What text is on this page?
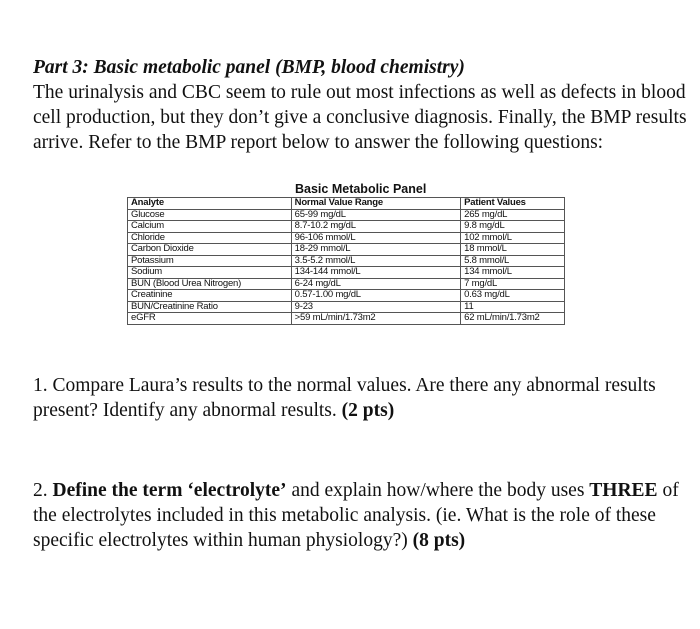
Part 3: Basic metabolic panel (BMP, blood chemistry)

The urinalysis and CBC seem to rule out most infections as well as defects in blood cell production, but they don’t give a conclusive diagnosis. Finally, the BMP results arrive. Refer to the BMP report below to answer the following questions:

Basic Metabolic Panel
Analyte	Normal Value Range	Patient Values
Glucose	65-99 mg/dL	265 mg/dL
Calcium	8.7-10.2 mg/dL	9.8 mg/dL
Chloride	96-106 mmol/L	102 mmol/L
Carbon Dioxide	18-29 mmol/L	18 mmol/L
Potassium	3.5-5.2 mmol/L	5.8 mmol/L
Sodium	134-144 mmol/L	134 mmol/L
BUN (Blood Urea Nitrogen)	6-24 mg/dL	7 mg/dL
Creatinine	0.57-1.00 mg/dL	0.63 mg/dL
BUN/Creatinine Ratio	9-23	11
eGFR	>59 mL/min/1.73m2	62 mL/min/1.73m2

1. Compare Laura’s results to the normal values. Are there any abnormal results present? Identify any abnormal results. (2 pts)

2. Define the term ‘electrolyte’ and explain how/where the body uses THREE of the electrolytes included in this metabolic analysis. (ie. What is the role of these specific electrolytes within human physiology?) (8 pts)
